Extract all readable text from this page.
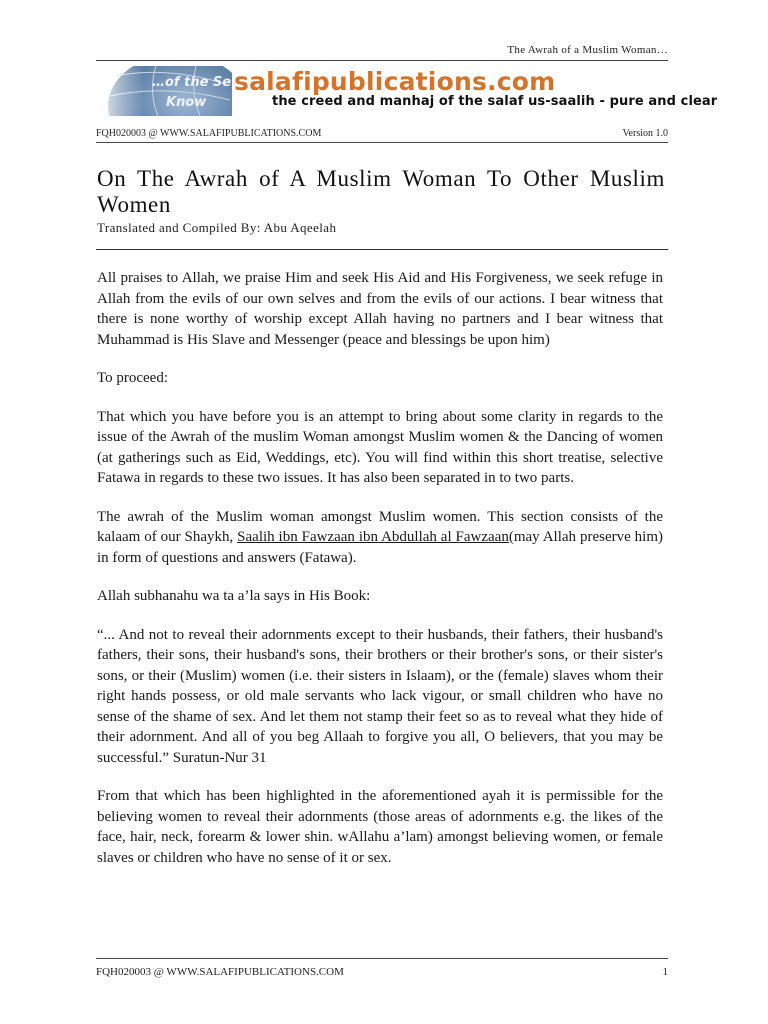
The Awrah of a Muslim Woman…
salafipublications.com
the creed and manhaj of the salaf us-saalih - pure and clear
FQH020003 @ WWW.SALAFIPUBLICATIONS.COM	Version 1.0
On The Awrah of A Muslim Woman To Other Muslim Women
Translated and Compiled By: Abu Aqeelah

All praises to Allah, we praise Him and seek His Aid and His Forgiveness, we seek refuge in Allah from the evils of our own selves and from the evils of our actions. I bear witness that there is none worthy of worship except Allah having no partners and I bear witness that Muhammad is His Slave and Messenger (peace and blessings be upon him)

To proceed:

That which you have before you is an attempt to bring about some clarity in regards to the issue of the Awrah of the muslim Woman amongst Muslim women & the Dancing of women (at gatherings such as Eid, Weddings, etc). You will find within this short treatise, selective Fatawa in regards to these two issues. It has also been separated in to two parts.

The awrah of the Muslim woman amongst Muslim women. This section consists of the kalaam of our Shaykh, Saalih ibn Fawzaan ibn Abdullah al Fawzaan(may Allah preserve him) in form of questions and answers (Fatawa).

Allah subhanahu wa ta a’la says in His Book:

“... And not to reveal their adornments except to their husbands, their fathers, their husband's fathers, their sons, their husband's sons, their brothers or their brother's sons, or their sister's sons, or their (Muslim) women (i.e. their sisters in Islaam), or the (female) slaves whom their right hands possess, or old male servants who lack vigour, or small children who have no sense of the shame of sex. And let them not stamp their feet so as to reveal what they hide of their adornment. And all of you beg Allaah to forgive you all, O believers, that you may be successful.” Suratun-Nur 31

From that which has been highlighted in the aforementioned ayah it is permissible for the believing women to reveal their adornments (those areas of adornments e.g. the likes of the face, hair, neck, forearm & lower shin. wAllahu a’lam) amongst believing women, or female slaves or children who have no sense of it or sex.

FQH020003 @ WWW.SALAFIPUBLICATIONS.COM	1
